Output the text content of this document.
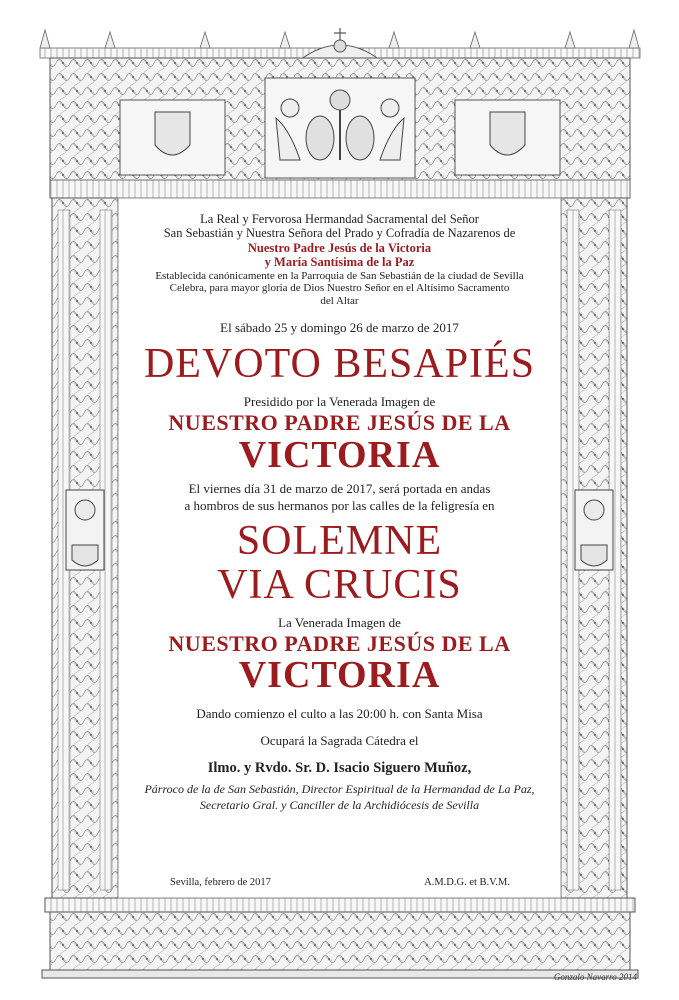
La Real y Fervorosa Hermandad Sacramental del Señor
San Sebastián y Nuestra Señora del Prado y Cofradía de Nazarenos de
Nuestro Padre Jesús de la Victoria
y María Santísima de la Paz
Establecida canónicamente en la Parroquia de San Sebastián de la ciudad de Sevilla
Celebra, para mayor gloria de Dios Nuestro Señor en el Altísimo Sacramento
del Altar
El sábado 25 y domingo 26 de marzo de 2017
DEVOTO BESAPIÉS
Presidido por la Venerada Imagen de
NUESTRO PADRE JESÚS DE LA
VICTORIA
El viernes día 31 de marzo de 2017, será portada en andas
a hombros de sus hermanos por las calles de la feligresía en
SOLEMNE
VIA CRUCIS
La Venerada Imagen de
NUESTRO PADRE JESÚS DE LA
VICTORIA
Dando comienzo el culto a las 20:00 h. con Santa Misa
Ocupará la Sagrada Cátedra el
Ilmo. y Rvdo. Sr. D. Isacio Siguero Muñoz,
Párroco de la de San Sebastián, Director Espiritual de la Hermandad de La Paz,
Secretario Gral. y Canciller de la Archidiócesis de Sevilla
Sevilla, febrero de 2017	A.M.D.G. et B.V.M.
Gonzalo Navarro 2014
